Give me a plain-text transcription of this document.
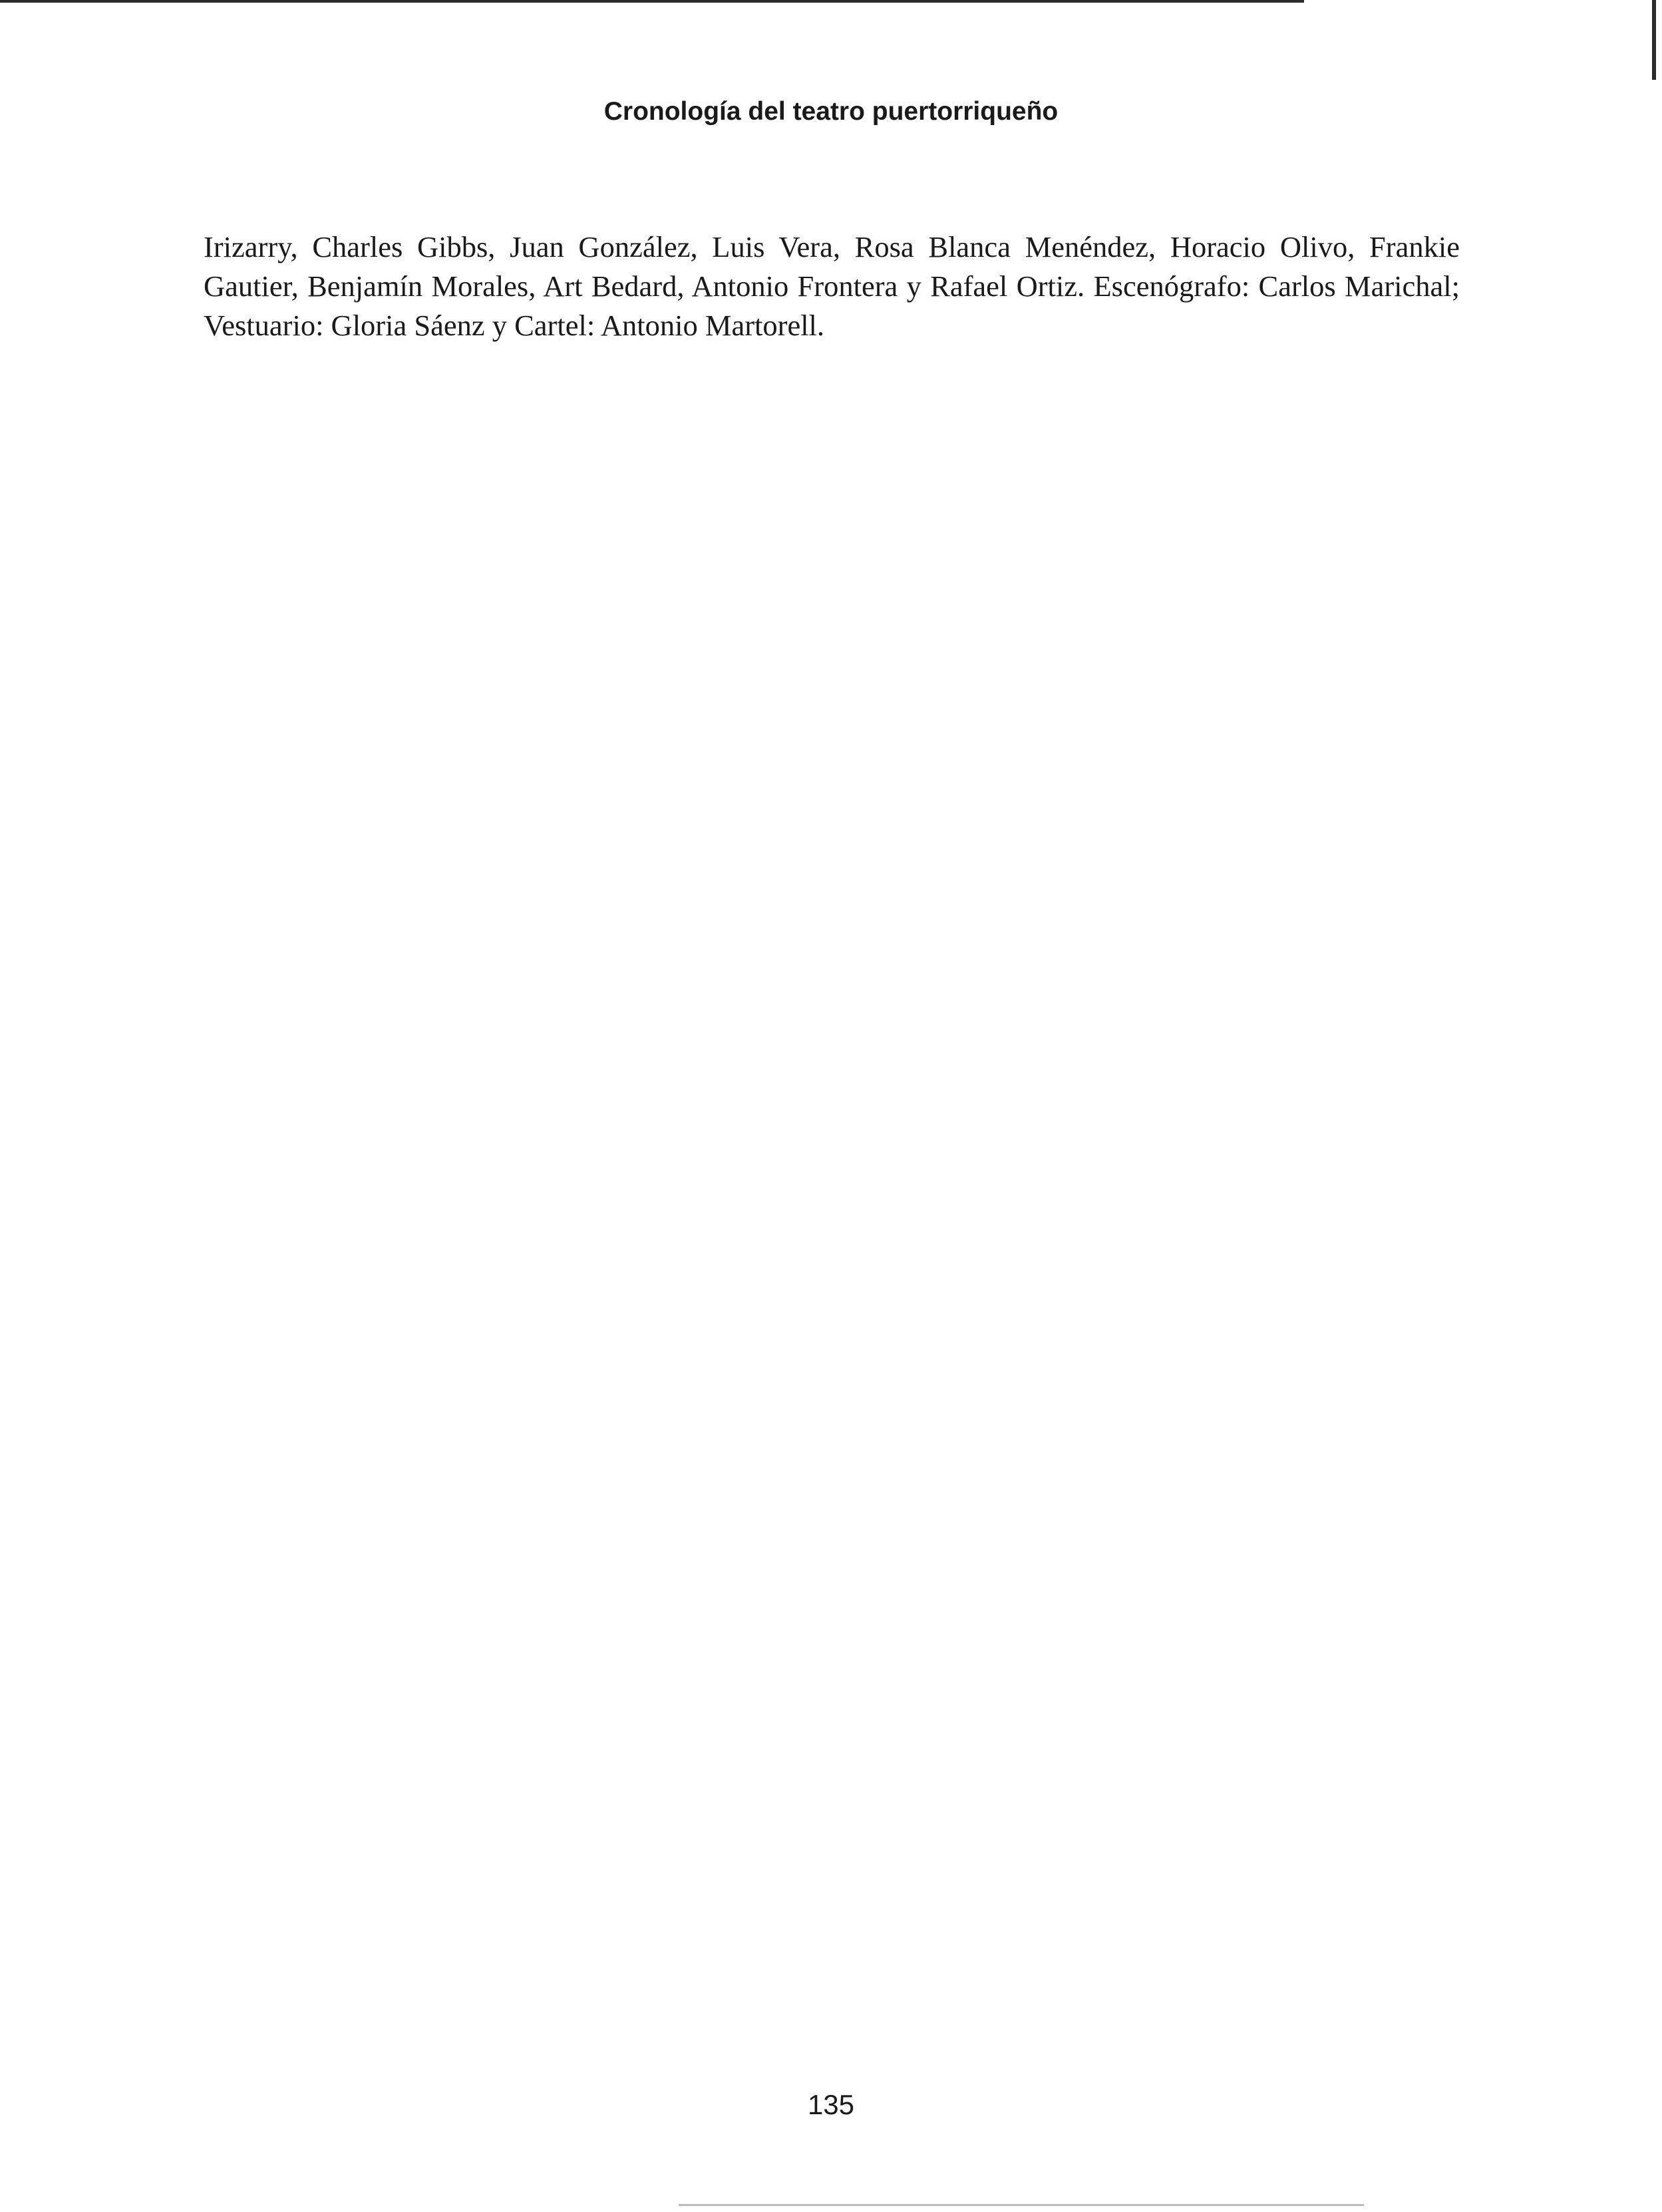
Cronología del teatro puertorriqueño

Irizarry, Charles Gibbs, Juan González, Luis Vera, Rosa Blanca Menéndez, Horacio Olivo, Frankie Gautier, Benjamín Morales, Art Bedard, Antonio Frontera y Rafael Ortiz. Escenógrafo: Carlos Marichal; Vestuario: Gloria Sáenz y Cartel: Antonio Martorell.

135
